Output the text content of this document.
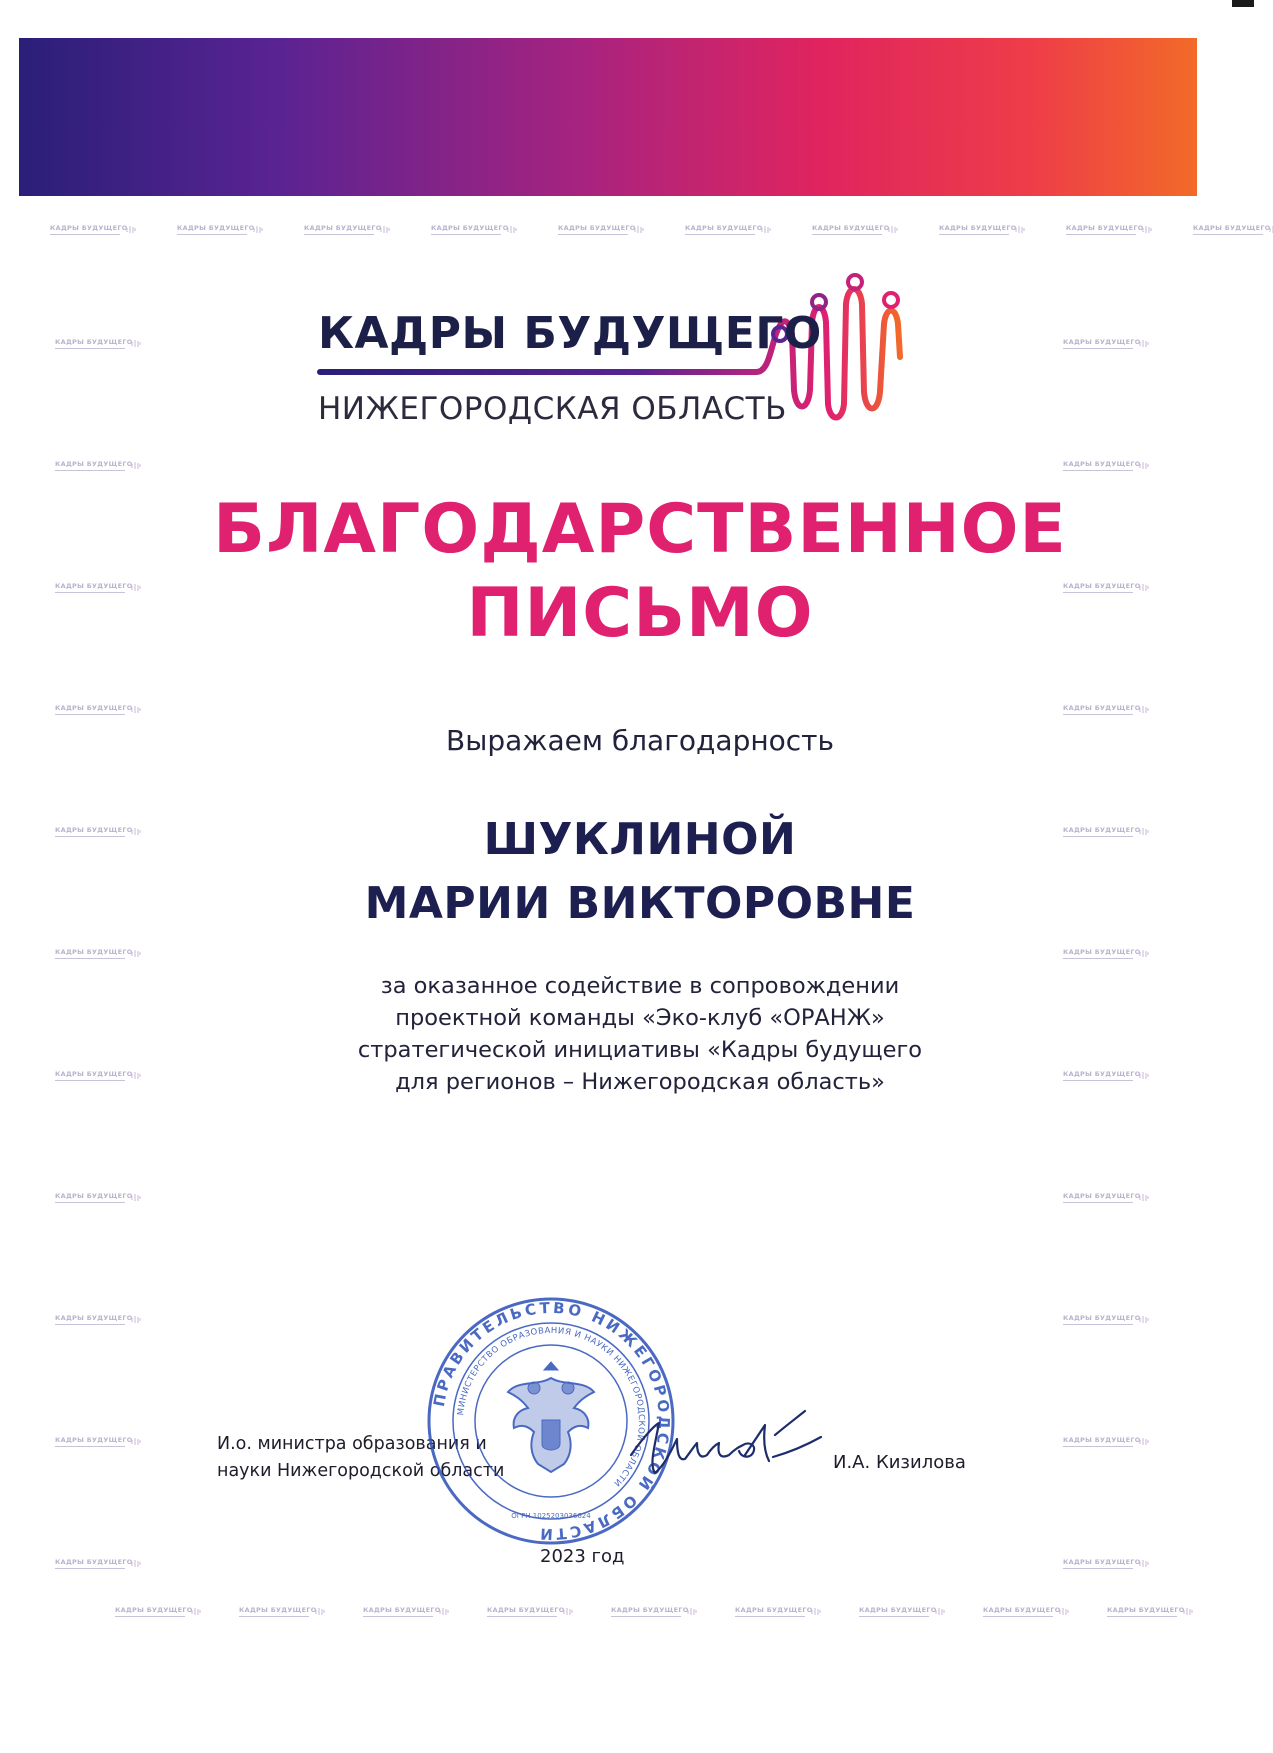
КАДРЫ БУДУЩЕГО	КАДРЫ БУДУЩЕГО	КАДРЫ БУДУЩЕГО	КАДРЫ БУДУЩЕГО	КАДРЫ БУДУЩЕГО	КАДРЫ БУДУЩЕГО	КАДРЫ БУДУЩЕГО	КАДРЫ БУДУЩЕГО	КАДРЫ БУДУЩЕГО	КАДРЫ БУДУЩЕГО
КАДРЫ БУДУЩЕГО	КАДРЫ БУДУЩЕГО	КАДРЫ БУДУЩЕГО	КАДРЫ БУДУЩЕГО	КАДРЫ БУДУЩЕГО	КАДРЫ БУДУЩЕГО	КАДРЫ БУДУЩЕГО	КАДРЫ БУДУЩЕГО	КАДРЫ БУДУЩЕГО
КАДРЫ БУДУЩЕГО	КАДРЫ БУДУЩЕГО
КАДРЫ БУДУЩЕГО	КАДРЫ БУДУЩЕГО
КАДРЫ БУДУЩЕГО	КАДРЫ БУДУЩЕГО
КАДРЫ БУДУЩЕГО	КАДРЫ БУДУЩЕГО
КАДРЫ БУДУЩЕГО	КАДРЫ БУДУЩЕГО
КАДРЫ БУДУЩЕГО	КАДРЫ БУДУЩЕГО
КАДРЫ БУДУЩЕГО	КАДРЫ БУДУЩЕГО
КАДРЫ БУДУЩЕГО	КАДРЫ БУДУЩЕГО
КАДРЫ БУДУЩЕГО	КАДРЫ БУДУЩЕГО
КАДРЫ БУДУЩЕГО	КАДРЫ БУДУЩЕГО
КАДРЫ БУДУЩЕГО	КАДРЫ БУДУЩЕГО
КАДРЫ БУДУЩЕГО
НИЖЕГОРОДСКАЯ ОБЛАСТЬ
БЛАГОДАРСТВЕННОЕ
ПИСЬМО
Выражаем благодарность
ШУКЛИНОЙ
МАРИИ ВИКТОРОВНЕ
за оказанное содействие в сопровождении
проектной команды «Эко-клуб «ОРАНЖ»
стратегической инициативы «Кадры будущего
для регионов – Нижегородская область»
И.о. министра образования и
науки Нижегородской области
ПРАВИТЕЛЬСТВО НИЖЕГОРОДСКОЙ ОБЛАСТИ
МИНИСТЕРСТВО ОБРАЗОВАНИЯ И НАУКИ НИЖЕГОРОДСКОЙ ОБЛАСТИ
ОГРН 1025203036624
И.А. Кизилова
2023 год
